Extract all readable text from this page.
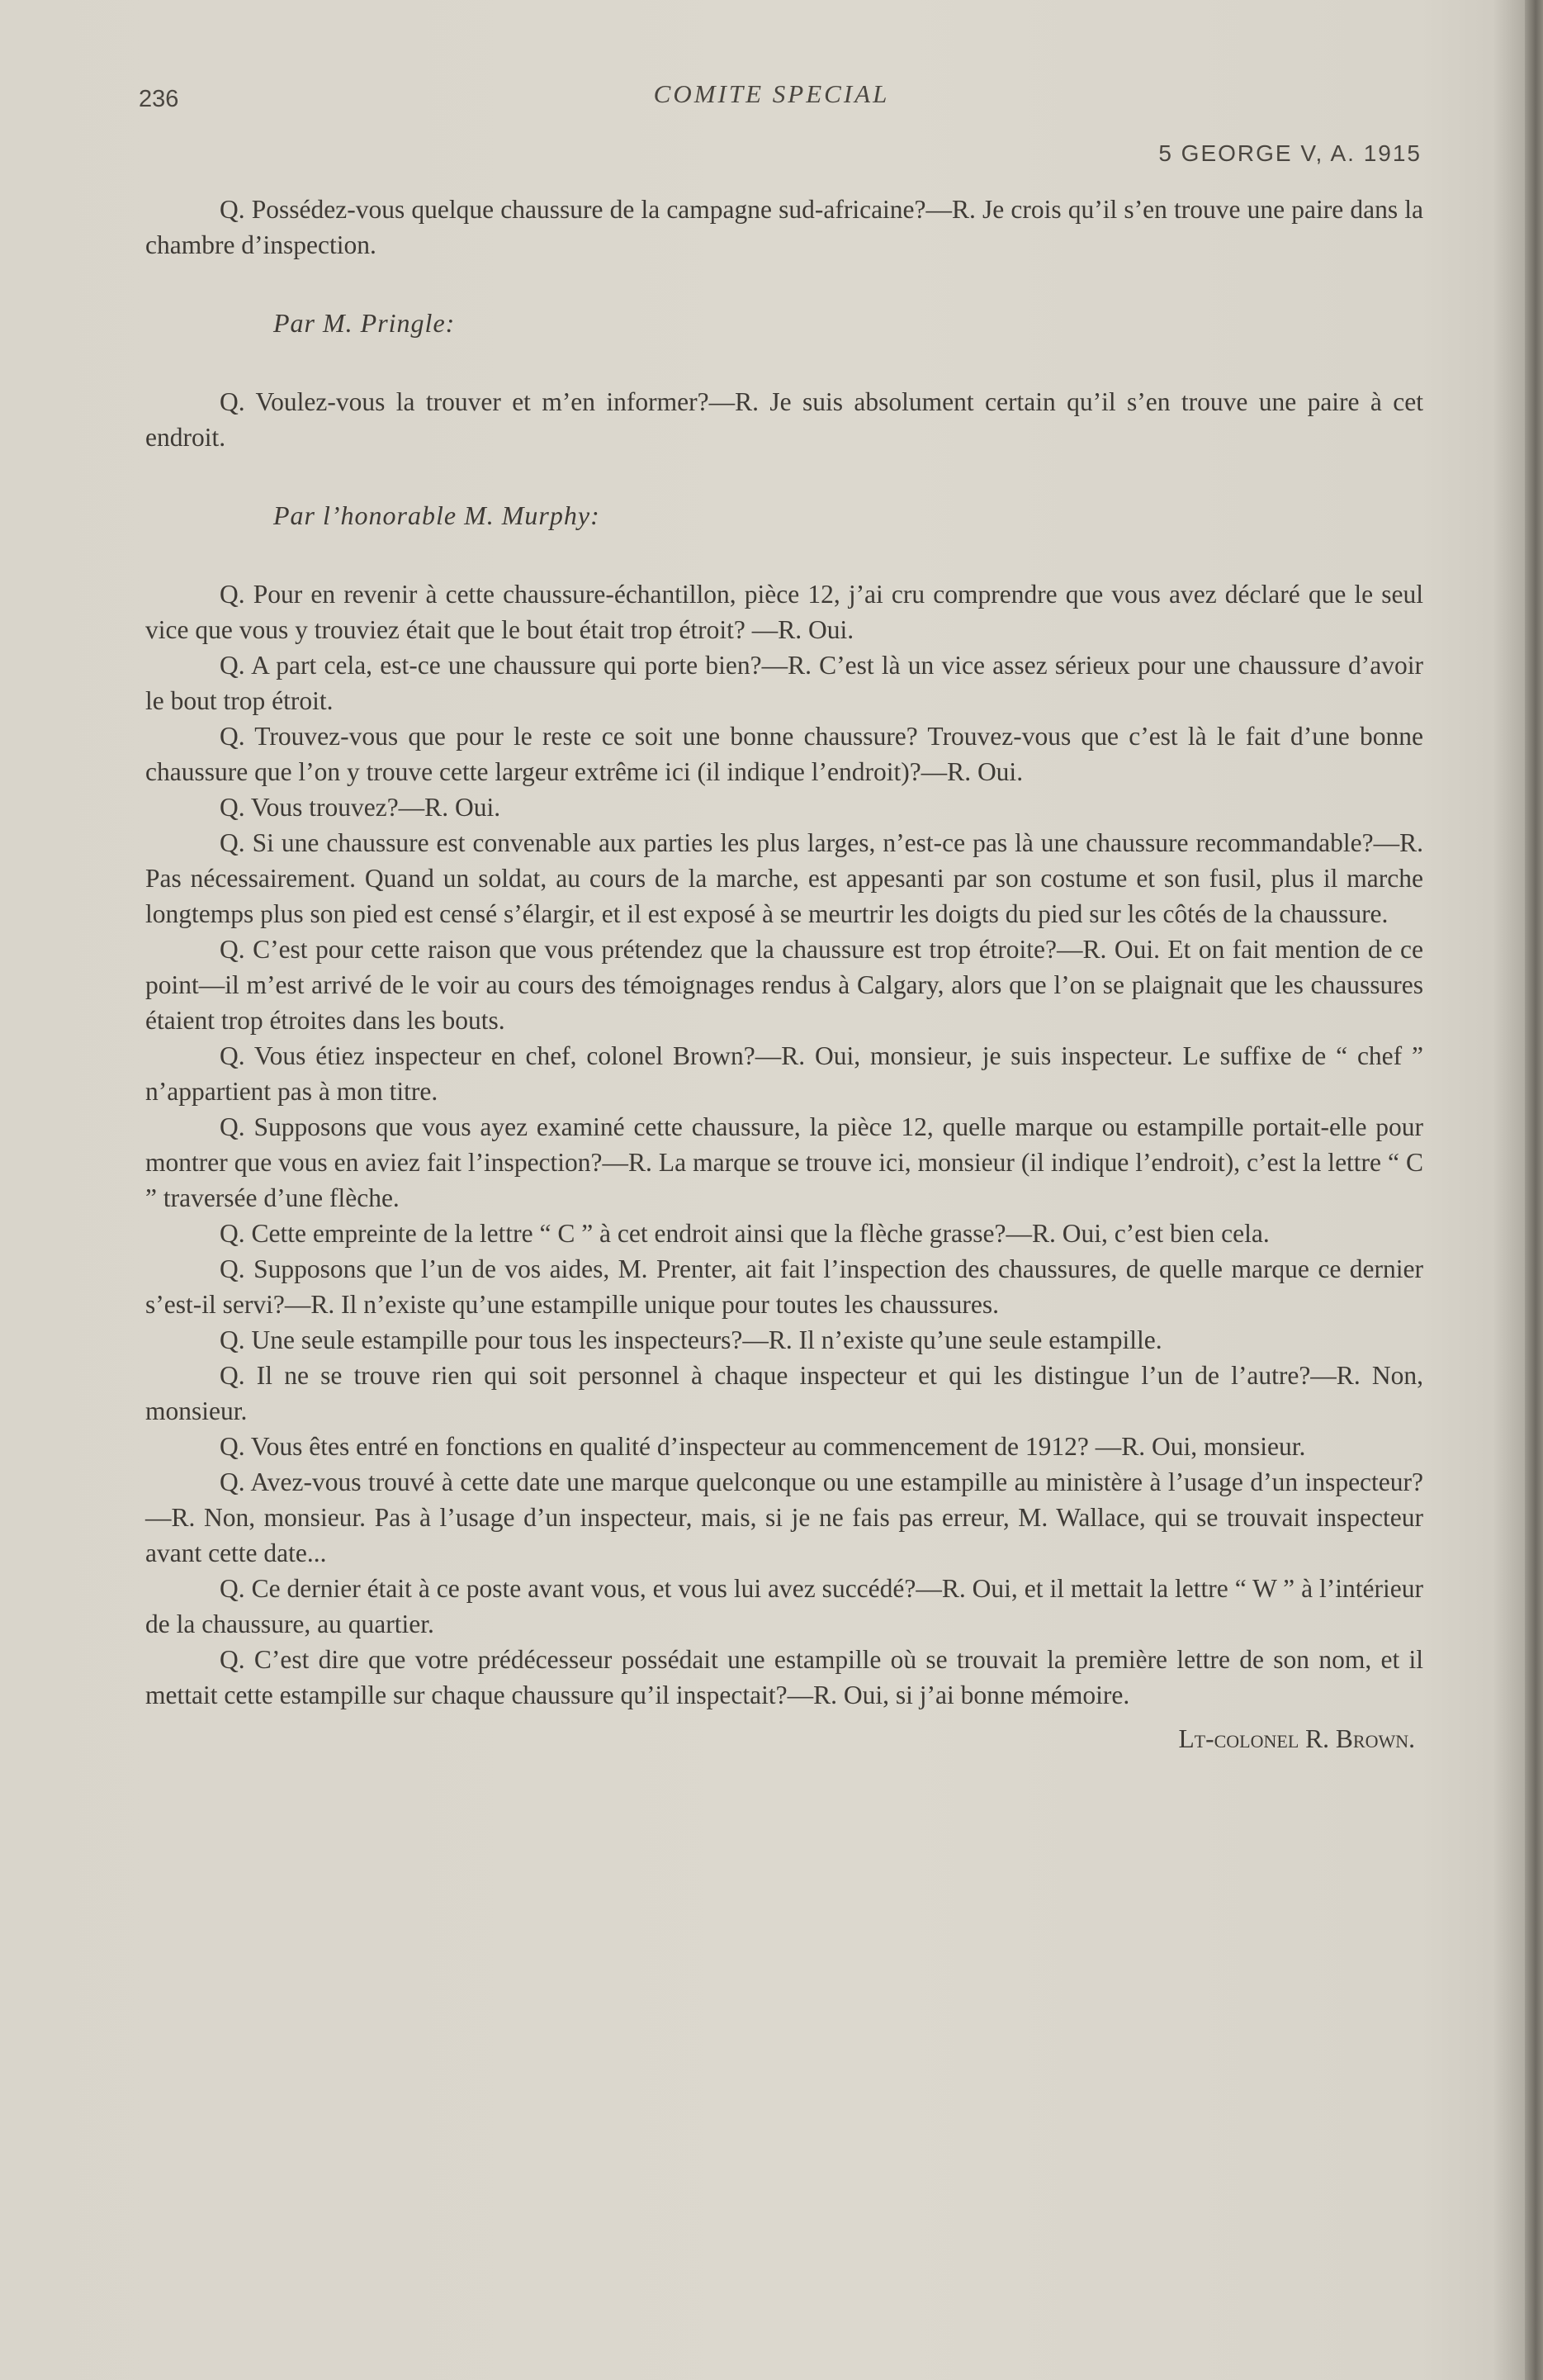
236	COMITE SPECIAL
5 GEORGE V, A. 1915

Q. Possédez-vous quelque chaussure de la campagne sud-africaine?—R. Je crois qu’il s’en trouve une paire dans la chambre d’inspection.

Par M. Pringle:

Q. Voulez-vous la trouver et m’en informer?—R. Je suis absolument certain qu’il s’en trouve une paire à cet endroit.

Par l’honorable M. Murphy:

Q. Pour en revenir à cette chaussure-échantillon, pièce 12, j’ai cru comprendre que vous avez déclaré que le seul vice que vous y trouviez était que le bout était trop étroit? —R. Oui.

Q. A part cela, est-ce une chaussure qui porte bien?—R. C’est là un vice assez sérieux pour une chaussure d’avoir le bout trop étroit.

Q. Trouvez-vous que pour le reste ce soit une bonne chaussure? Trouvez-vous que c’est là le fait d’une bonne chaussure que l’on y trouve cette largeur extrême ici (il indique l’endroit)?—R. Oui.

Q. Vous trouvez?—R. Oui.

Q. Si une chaussure est convenable aux parties les plus larges, n’est-ce pas là une chaussure recommandable?—R. Pas nécessairement. Quand un soldat, au cours de la marche, est appesanti par son costume et son fusil, plus il marche longtemps plus son pied est censé s’élargir, et il est exposé à se meurtrir les doigts du pied sur les côtés de la chaussure.

Q. C’est pour cette raison que vous prétendez que la chaussure est trop étroite?—R. Oui. Et on fait mention de ce point—il m’est arrivé de le voir au cours des témoignages rendus à Calgary, alors que l’on se plaignait que les chaussures étaient trop étroites dans les bouts.

Q. Vous étiez inspecteur en chef, colonel Brown?—R. Oui, monsieur, je suis inspecteur. Le suffixe de “ chef ” n’appartient pas à mon titre.

Q. Supposons que vous ayez examiné cette chaussure, la pièce 12, quelle marque ou estampille portait-elle pour montrer que vous en aviez fait l’inspection?—R. La marque se trouve ici, monsieur (il indique l’endroit), c’est la lettre “ C ” traversée d’une flèche.

Q. Cette empreinte de la lettre “ C ” à cet endroit ainsi que la flèche grasse?—R. Oui, c’est bien cela.

Q. Supposons que l’un de vos aides, M. Prenter, ait fait l’inspection des chaussures, de quelle marque ce dernier s’est-il servi?—R. Il n’existe qu’une estampille unique pour toutes les chaussures.

Q. Une seule estampille pour tous les inspecteurs?—R. Il n’existe qu’une seule estampille.

Q. Il ne se trouve rien qui soit personnel à chaque inspecteur et qui les distingue l’un de l’autre?—R. Non, monsieur.

Q. Vous êtes entré en fonctions en qualité d’inspecteur au commencement de 1912? —R. Oui, monsieur.

Q. Avez-vous trouvé à cette date une marque quelconque ou une estampille au ministère à l’usage d’un inspecteur?—R. Non, monsieur. Pas à l’usage d’un inspecteur, mais, si je ne fais pas erreur, M. Wallace, qui se trouvait inspecteur avant cette date...

Q. Ce dernier était à ce poste avant vous, et vous lui avez succédé?—R. Oui, et il mettait la lettre “ W ” à l’intérieur de la chaussure, au quartier.

Q. C’est dire que votre prédécesseur possédait une estampille où se trouvait la première lettre de son nom, et il mettait cette estampille sur chaque chaussure qu’il inspectait?—R. Oui, si j’ai bonne mémoire.

Lt-colonel R. Brown.
